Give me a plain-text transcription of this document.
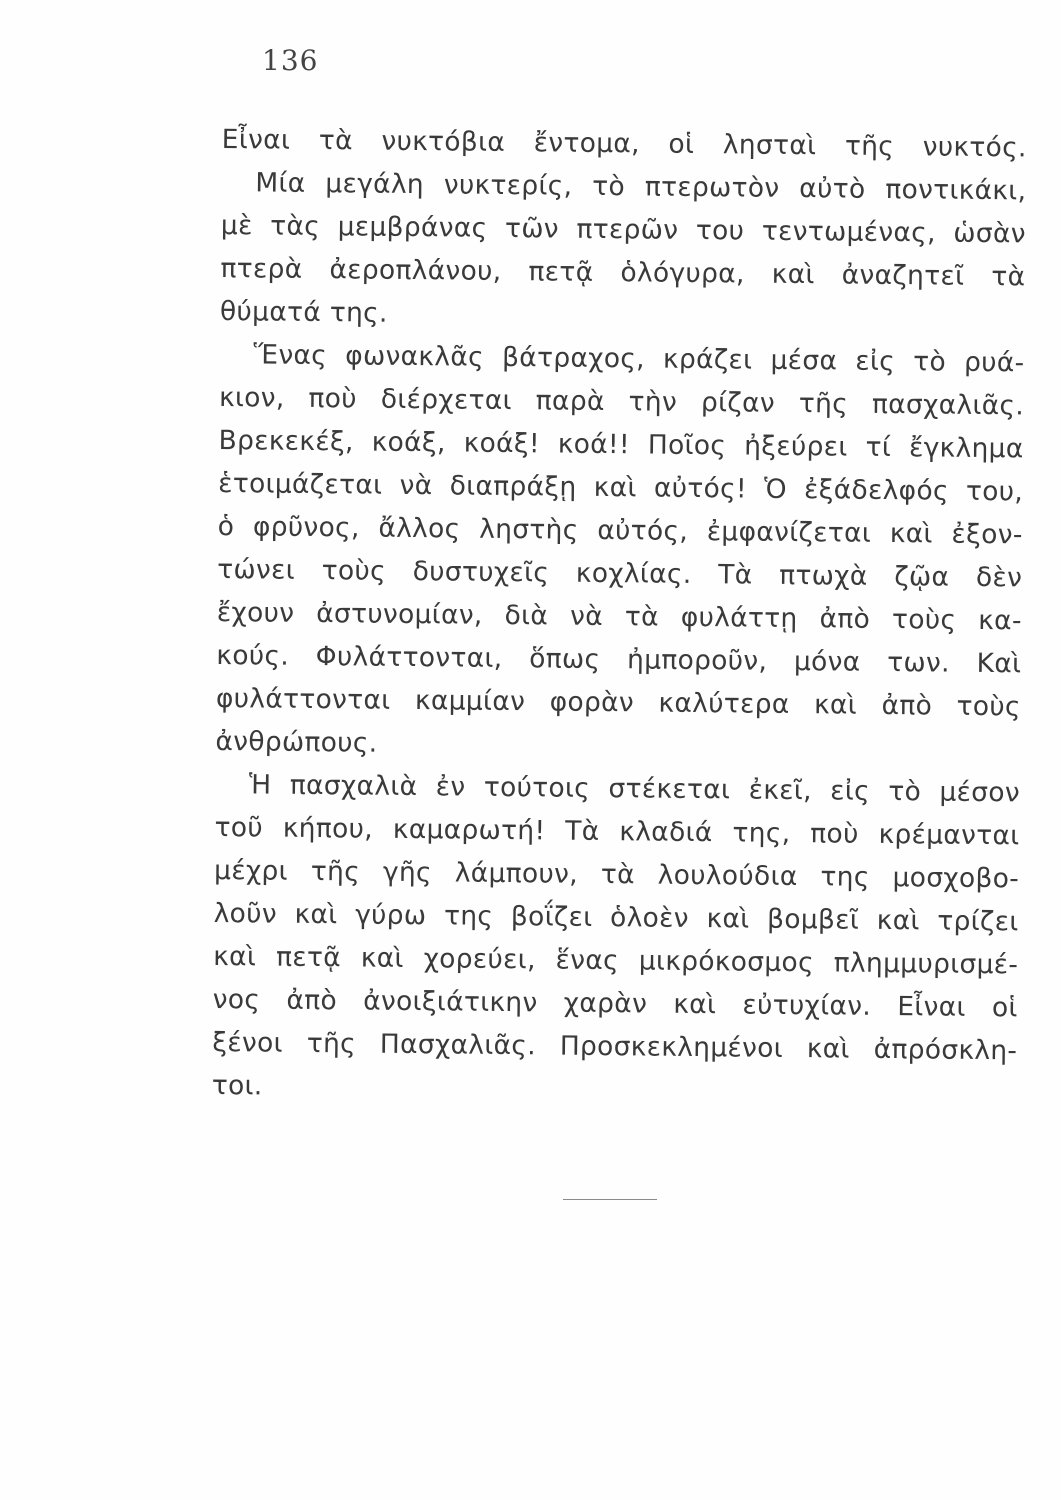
136
Εἶναι τὰ νυκτόβια ἔντομα, οἱ λησταὶ τῆς νυκτός.
Μία μεγάλη νυκτερίς, τὸ πτερωτὸν αὐτὸ ποντικάκι,
μὲ τὰς μεμβράνας τῶν πτερῶν του τεντωμένας, ὡσὰν
πτερὰ ἀεροπλάνου, πετᾷ ὁλόγυρα, καὶ ἀναζητεῖ τὰ
θύματά της.
Ἕνας φωνακλᾶς βάτραχος, κράζει μέσα εἰς τὸ ρυά-
κιον, ποὺ διέρχεται παρὰ τὴν ρίζαν τῆς πασχαλιᾶς.
Βρεκεκέξ, κοάξ, κοάξ! κοά!! Ποῖος ἠξεύρει τί ἔγκλημα
ἑτοιμάζεται νὰ διαπράξῃ καὶ αὐτός! Ὁ ἐξάδελφός του,
ὁ φρῦνος, ἄλλος ληστὴς αὐτός, ἐμφανίζεται καὶ ἐξον-
τώνει τοὺς δυστυχεῖς κοχλίας. Τὰ πτωχὰ ζῷα δὲν
ἔχουν ἀστυνομίαν, διὰ νὰ τὰ φυλάττῃ ἀπὸ τοὺς κα-
κούς. Φυλάττονται, ὅπως ἠμποροῦν, μόνα των. Καὶ
φυλάττονται καμμίαν φορὰν καλύτερα καὶ ἀπὸ τοὺς
ἀνθρώπους.
Ἡ πασχαλιὰ ἐν τούτοις στέκεται ἐκεῖ, εἰς τὸ μέσον
τοῦ κήπου, καμαρωτή! Τὰ κλαδιά της, ποὺ κρέμανται
μέχρι τῆς γῆς λάμπουν, τὰ λουλούδια της μοσχοβο-
λοῦν καὶ γύρω της βοΐζει ὁλοὲν καὶ βομβεῖ καὶ τρίζει
καὶ πετᾷ καὶ χορεύει, ἕνας μικρόκοσμος πλημμυρισμέ-
νος ἀπὸ ἀνοιξιάτικην χαρὰν καὶ εὐτυχίαν. Εἶναι οἱ
ξένοι τῆς Πασχαλιᾶς. Προσκεκλημένοι καὶ ἀπρόσκλη-
τοι.
